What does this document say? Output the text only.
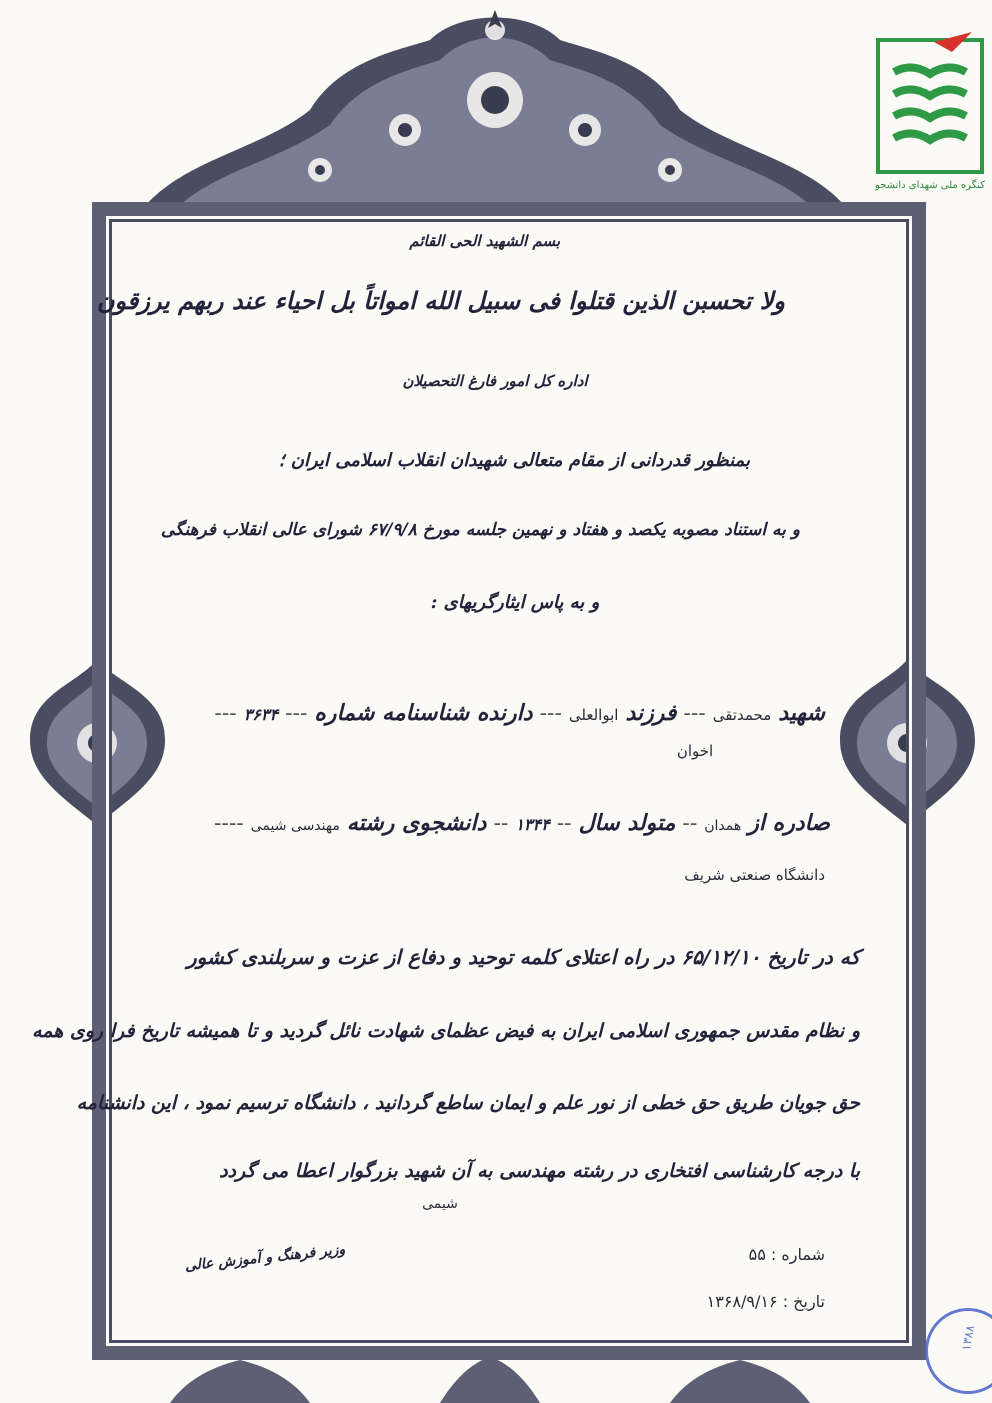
کنگره ملی شهدای دانشجو
بسم الشهید الحی القائم
ولا تحسبن الذین قتلوا فی سبیل الله امواتاً بل احیاء عند ربهم یرزقون
اداره کل امور فارغ التحصیلان
بمنظور قدردانی از مقام متعالی شهیدان انقلاب اسلامی ایران ؛
و به استناد مصوبه یکصد و هفتاد و نهمین جلسه مورخ ۶۷/۹/۸ شورای عالی انقلاب فرهنگی
و به پاس ایثارگریهای :
شهید محمدتقی --- فرزند ابوالعلی --- دارنده شناسنامه شماره --- ۳۶۳۴ ---
اخوان
صادره از همدان -- متولد سال -- ۱۳۴۴ -- دانشجوی رشته مهندسی شیمی ----
دانشگاه صنعتی شریف
که در تاریخ ۶۵/۱۲/۱۰ در راه اعتلای کلمه توحید و دفاع از عزت و سربلندی کشور
و نظام مقدس جمهوری اسلامی ایران به فیض عظمای شهادت نائل گردید و تا همیشه تاریخ فرا روی همه
حق جویان طریق حق خطی از نور علم و ایمان ساطع گردانید ، دانشگاه ترسیم نمود ، این دانشنامه
با درجه کارشناسی افتخاری در رشته مهندسی به آن شهید بزرگوار اعطا می گردد
شیمی
شماره : ۵۵
تاریخ : ۱۳۶۸/۹/۱۶
وزیر فرهنگ و آموزش عالی
۱۳۸۸
